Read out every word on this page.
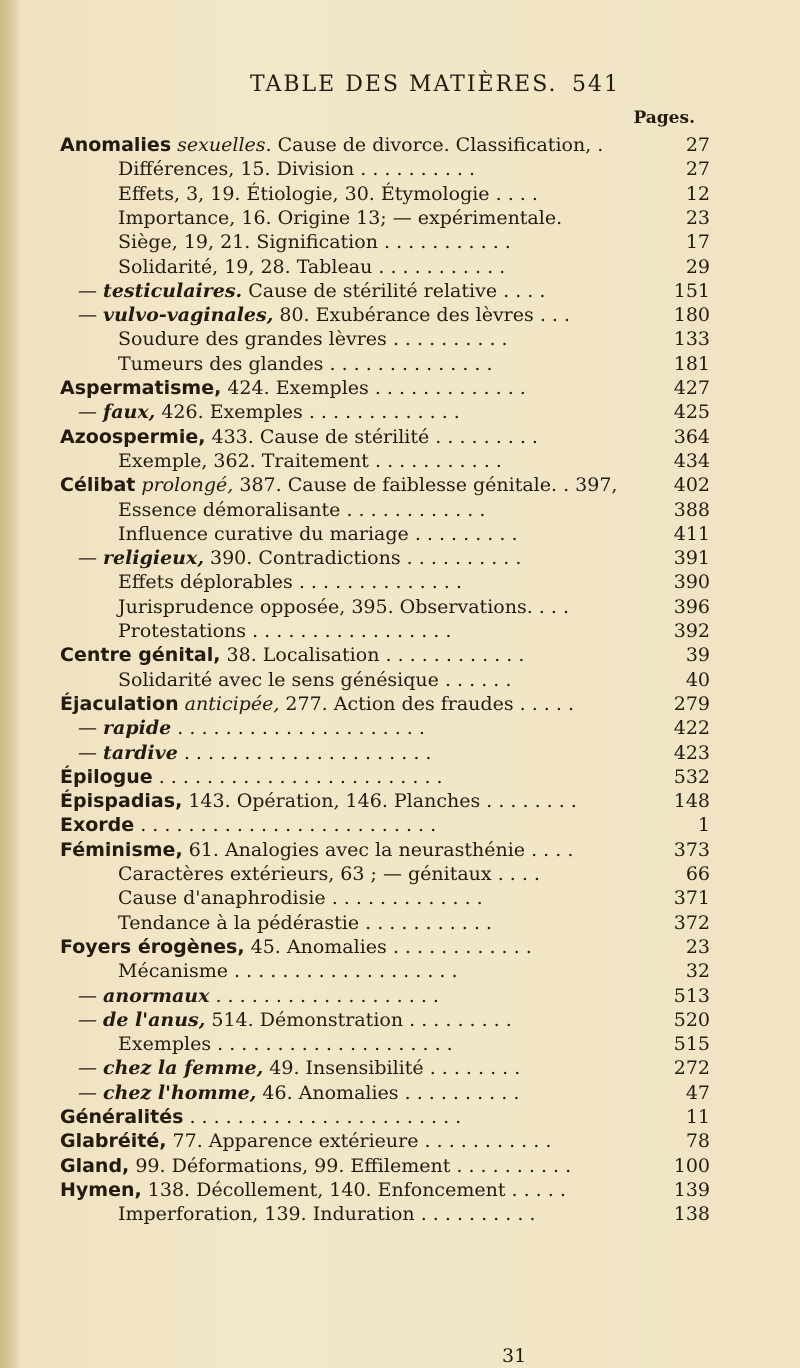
TABLE DES MATIÈRES. 541
Pages.
Anomalies sexuelles. Cause de divorce. Classification, .	27
Différences, 15. Division . . . . . . . . . .	27
Effets, 3, 19. Étiologie, 30. Étymologie . . . .	12
Importance, 16. Origine 13; — expérimentale.	23
Siège, 19, 21. Signification . . . . . . . . . . .	17
Solidarité, 19, 28. Tableau . . . . . . . . . . .	29
— testiculaires. Cause de stérilité relative . . . .	151
— vulvo-vaginales, 80. Exubérance des lèvres . . .	180
Soudure des grandes lèvres . . . . . . . . . .	133
Tumeurs des glandes . . . . . . . . . . . . . .	181
Aspermatisme, 424. Exemples . . . . . . . . . . . . .	427
— faux, 426. Exemples . . . . . . . . . . . . .	425
Azoospermie, 433. Cause de stérilité . . . . . . . . .	364
Exemple, 362. Traitement . . . . . . . . . . .	434
Célibat prolongé, 387. Cause de faiblesse génitale. . 397,	402
Essence démoralisante . . . . . . . . . . . .	388
Influence curative du mariage . . . . . . . . .	411
— religieux, 390. Contradictions . . . . . . . . . .	391
Effets déplorables . . . . . . . . . . . . . .	390
Jurisprudence opposée, 395. Observations. . . .	396
Protestations . . . . . . . . . . . . . . . . .	392
Centre génital, 38. Localisation . . . . . . . . . . . .	39
Solidarité avec le sens génésique . . . . . .	40
Éjaculation anticipée, 277. Action des fraudes . . . . .	279
— rapide . . . . . . . . . . . . . . . . . . . . .	422
— tardive . . . . . . . . . . . . . . . . . . . . .	423
Épilogue . . . . . . . . . . . . . . . . . . . . . . . .	532
Épispadias, 143. Opération, 146. Planches . . . . . . . .	148
Exorde . . . . . . . . . . . . . . . . . . . . . . . . .	1
Féminisme, 61. Analogies avec la neurasthénie . . . .	373
Caractères extérieurs, 63 ; — génitaux . . . .	66
Cause d'anaphrodisie . . . . . . . . . . . . .	371
Tendance à la pédérastie . . . . . . . . . . .	372
Foyers érogènes, 45. Anomalies . . . . . . . . . . . .	23
Mécanisme . . . . . . . . . . . . . . . . . . .	32
— anormaux . . . . . . . . . . . . . . . . . . .	513
— de l'anus, 514. Démonstration . . . . . . . . .	520
Exemples . . . . . . . . . . . . . . . . . . . .	515
— chez la femme, 49. Insensibilité . . . . . . . .	272
— chez l'homme, 46. Anomalies . . . . . . . . . .	47
Généralités . . . . . . . . . . . . . . . . . . . . . . .	11
Glabréité, 77. Apparence extérieure . . . . . . . . . . .	78
Gland, 99. Déformations, 99. Effilement . . . . . . . . . .	100
Hymen, 138. Décollement, 140. Enfoncement . . . . .	139
Imperforation, 139. Induration . . . . . . . . . .	138
31
